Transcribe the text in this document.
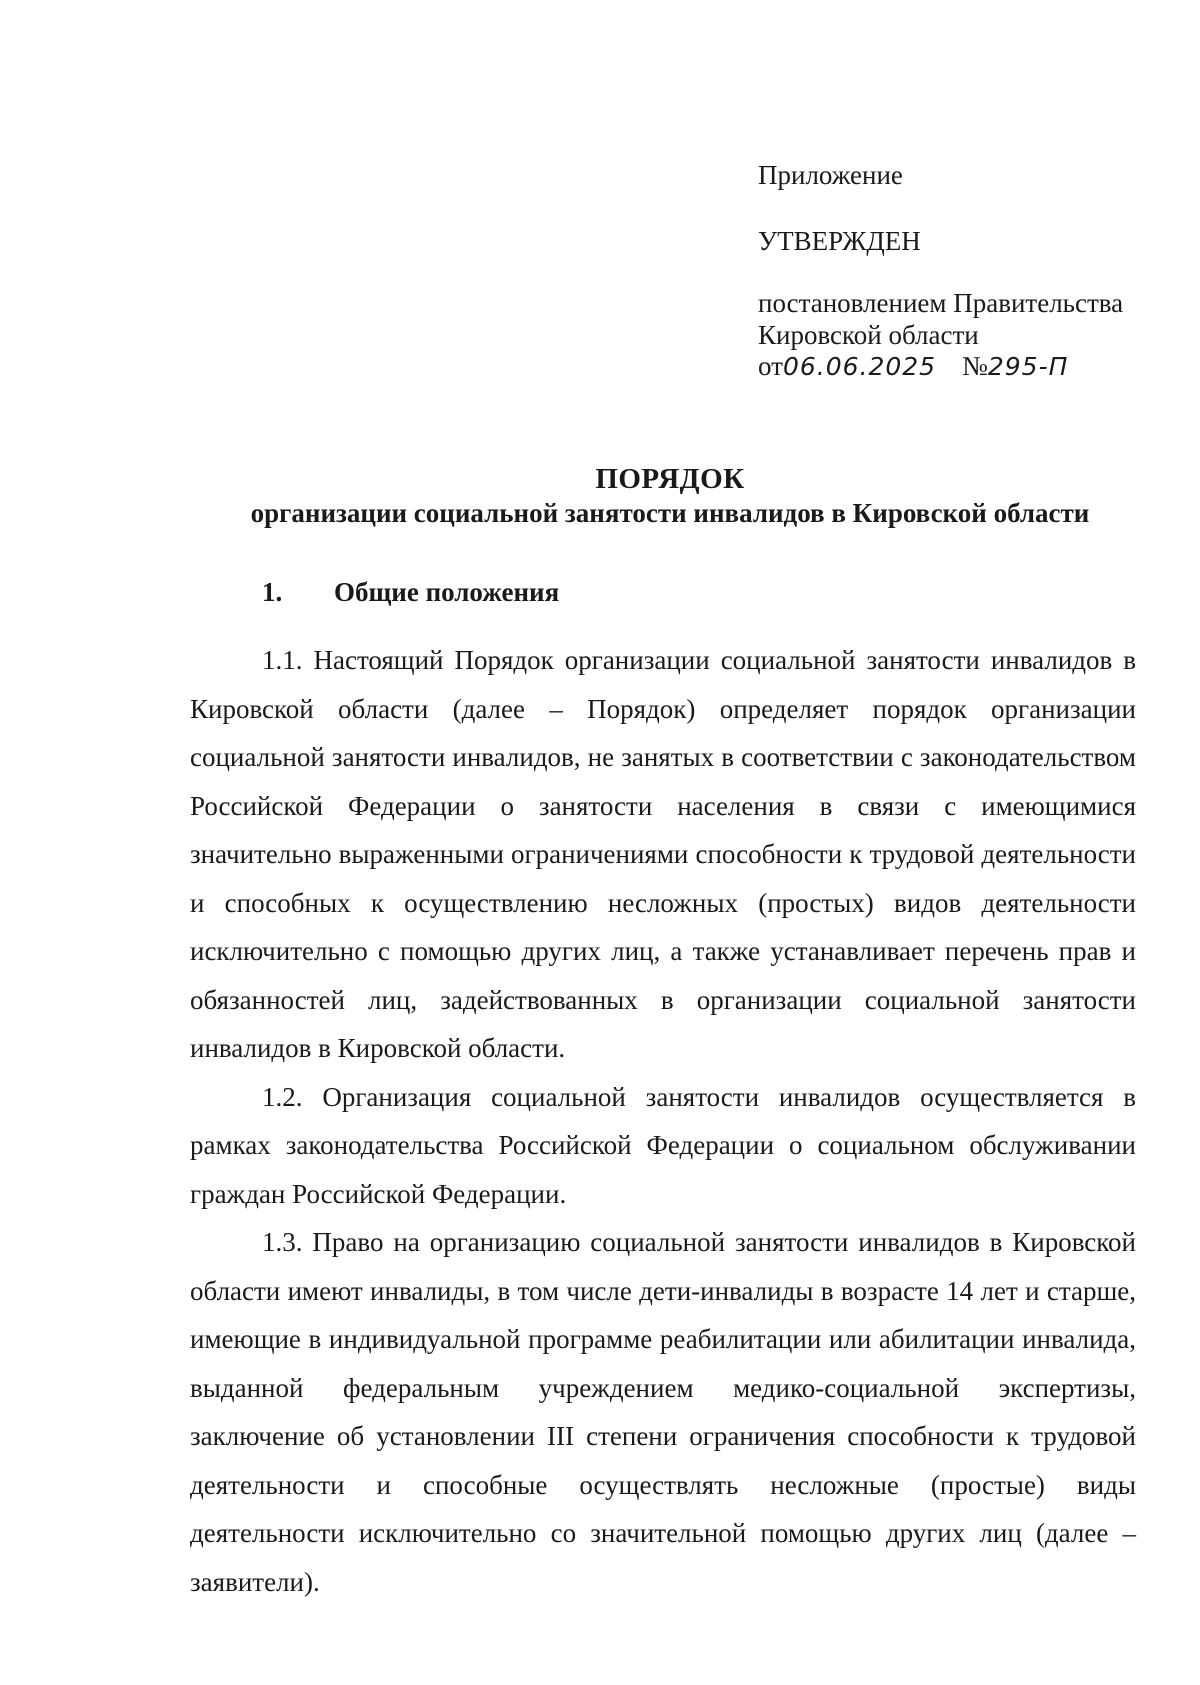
Приложение
УТВЕРЖДЕН
постановлением Правительства
Кировской области
от06.06.2025 №295-П
ПОРЯДОК
организации социальной занятости инвалидов в Кировской области
1. Общие положения

1.1. Настоящий Порядок организации социальной занятости инвалидов в Кировской области (далее – Порядок) определяет порядок организации социальной занятости инвалидов, не занятых в соответствии с законодательством Российской Федерации о занятости населения в связи с имеющимися значительно выраженными ограничениями способности к трудовой деятельности и способных к осуществлению несложных (простых) видов деятельности исключительно с помощью других лиц, а также устанавливает перечень прав и обязанностей лиц, задействованных в организации социальной занятости инвалидов в Кировской области.

1.2. Организация социальной занятости инвалидов осуществляется в рамках законодательства Российской Федерации о социальном обслуживании граждан Российской Федерации.

1.3. Право на организацию социальной занятости инвалидов в Кировской области имеют инвалиды, в том числе дети-инвалиды в возрасте 14 лет и старше, имеющие в индивидуальной программе реабилитации или абилитации инвалида, выданной федеральным учреждением медико-социальной экспертизы, заключение об установлении III степени ограничения способности к трудовой деятельности и способные осуществлять несложные (простые) виды деятельности исключительно со значительной помощью других лиц (далее – заявители).
